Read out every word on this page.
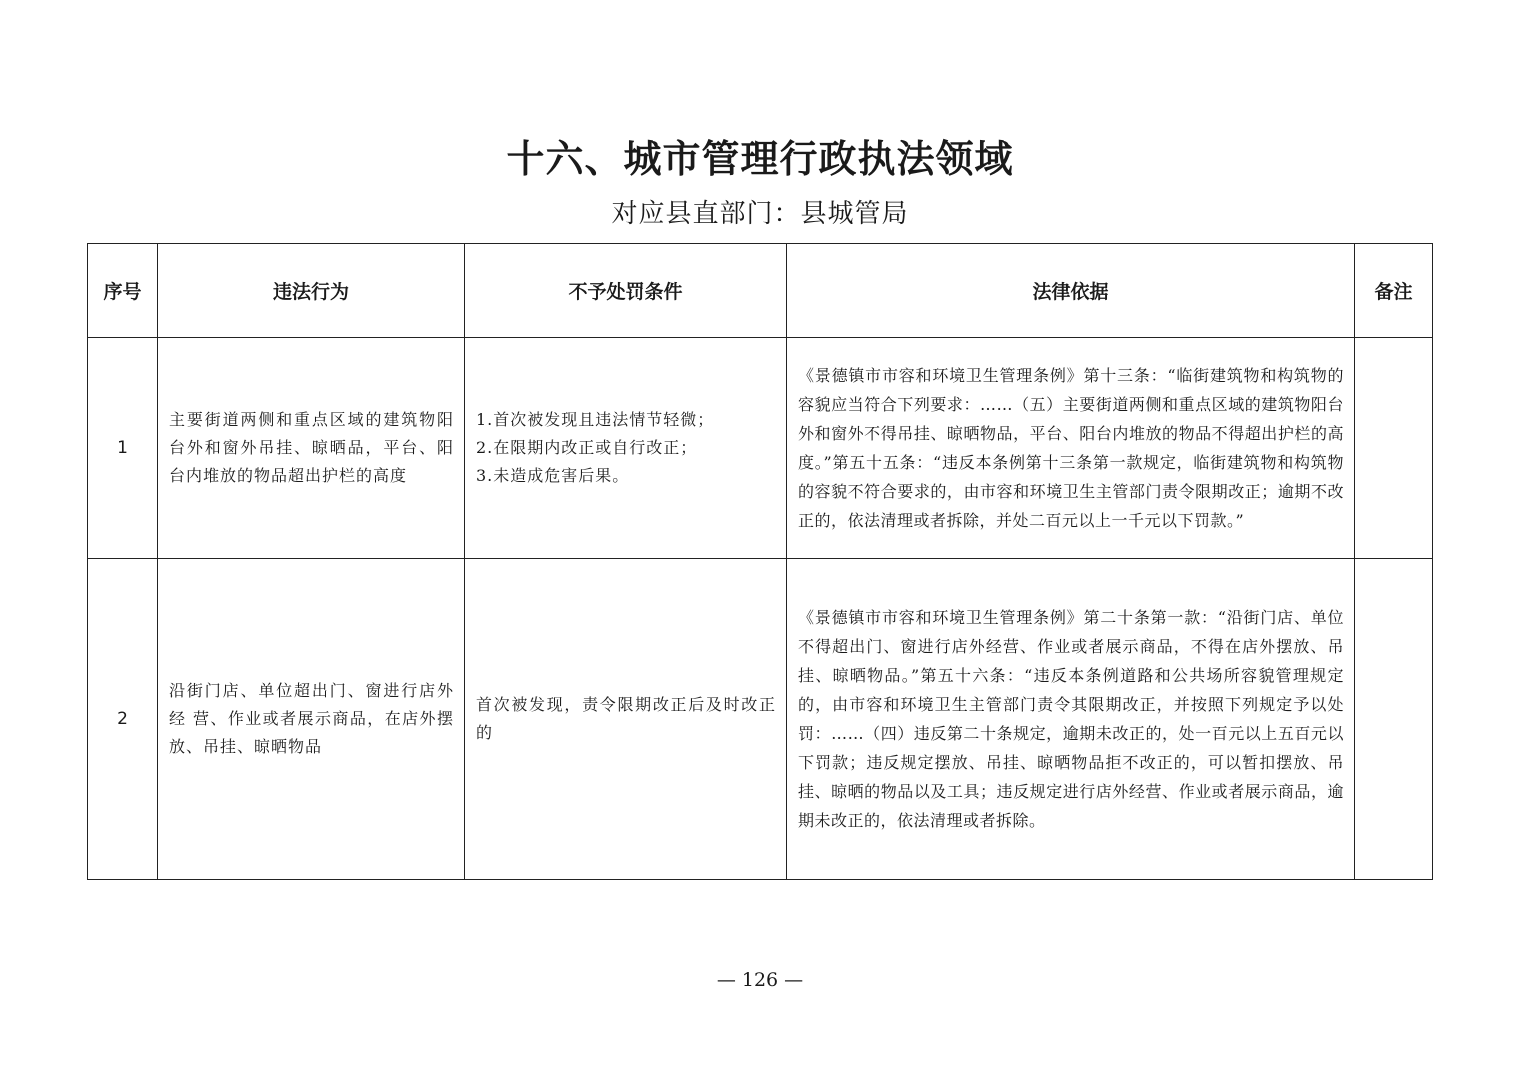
十六、城市管理行政执法领域
对应县直部门：县城管局
序号	违法行为	不予处罚条件	法律依据	备注
1	主要街道两侧和重点区域的建筑物阳台外和窗外吊挂、晾晒品，平台、阳台内堆放的物品超出护栏的高度	1.首次被发现且违法情节轻微；
2.在限期内改正或自行改正；
3.未造成危害后果。	《景德镇市市容和环境卫生管理条例》第十三条：“临街建筑物和构筑物的容貌应当符合下列要求：……（五）主要街道两侧和重点区域的建筑物阳台外和窗外不得吊挂、晾晒物品，平台、阳台内堆放的物品不得超出护栏的高度。”第五十五条：“违反本条例第十三条第一款规定，临街建筑物和构筑物的容貌不符合要求的，由市容和环境卫生主管部门责令限期改正；逾期不改正的，依法清理或者拆除，并处二百元以上一千元以下罚款。”	

2	沿街门店、单位超出门、窗进行店外经 营、作业或者展示商品，在店外摆放、吊挂、晾晒物品	首次被发现，责令限期改正后及时改正的	《景德镇市市容和环境卫生管理条例》第二十条第一款：“沿街门店、单位不得超出门、窗进行店外经营、作业或者展示商品，不得在店外摆放、吊挂、晾晒物品。”第五十六条：“违反本条例道路和公共场所容貌管理规定的，由市容和环境卫生主管部门责令其限期改正，并按照下列规定予以处罚：……（四）违反第二十条规定，逾期未改正的，处一百元以上五百元以下罚款；违反规定摆放、吊挂、晾晒物品拒不改正的，可以暂扣摆放、吊挂、晾晒的物品以及工具；违反规定进行店外经营、作业或者展示商品，逾期未改正的，依法清理或者拆除。	

— 126 —
